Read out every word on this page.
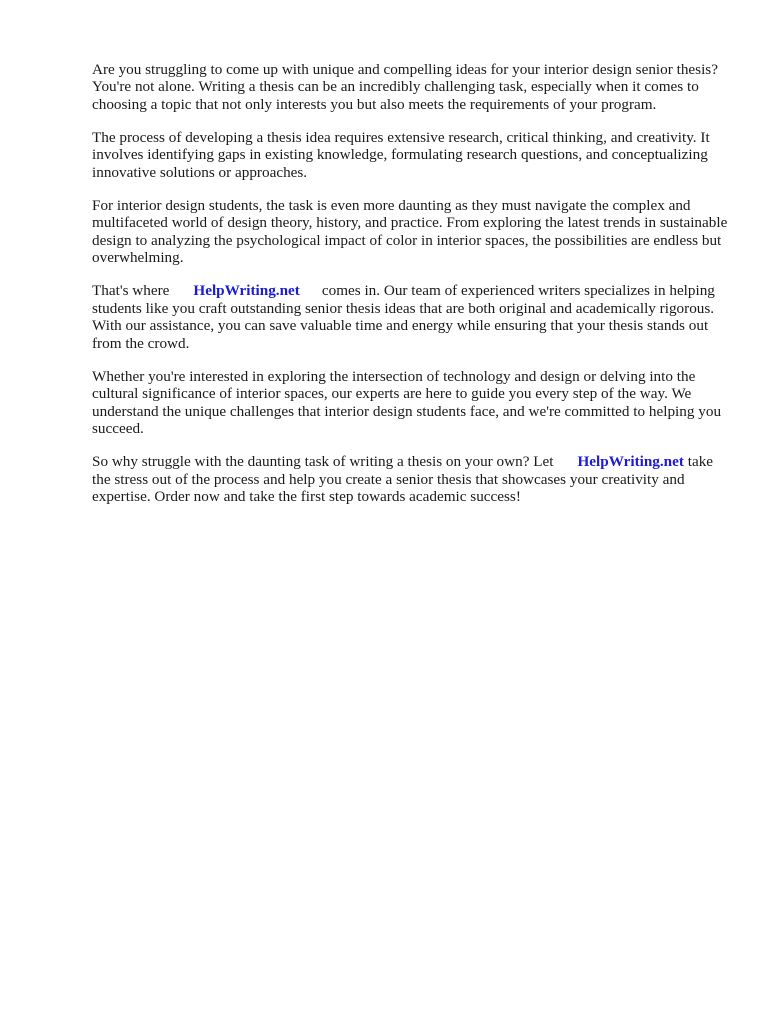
Are you struggling to come up with unique and compelling ideas for your interior design senior thesis? You're not alone. Writing a thesis can be an incredibly challenging task, especially when it comes to choosing a topic that not only interests you but also meets the requirements of your program.

The process of developing a thesis idea requires extensive research, critical thinking, and creativity. It involves identifying gaps in existing knowledge, formulating research questions, and conceptualizing innovative solutions or approaches.

For interior design students, the task is even more daunting as they must navigate the complex and multifaceted world of design theory, history, and practice. From exploring the latest trends in sustainable design to analyzing the psychological impact of color in interior spaces, the possibilities are endless but overwhelming.

That's where HelpWriting.net comes in. Our team of experienced writers specializes in helping students like you craft outstanding senior thesis ideas that are both original and academically rigorous. With our assistance, you can save valuable time and energy while ensuring that your thesis stands out from the crowd.

Whether you're interested in exploring the intersection of technology and design or delving into the cultural significance of interior spaces, our experts are here to guide you every step of the way. We understand the unique challenges that interior design students face, and we're committed to helping you succeed.

So why struggle with the daunting task of writing a thesis on your own? Let HelpWriting.net take the stress out of the process and help you create a senior thesis that showcases your creativity and expertise. Order now and take the first step towards academic success!
